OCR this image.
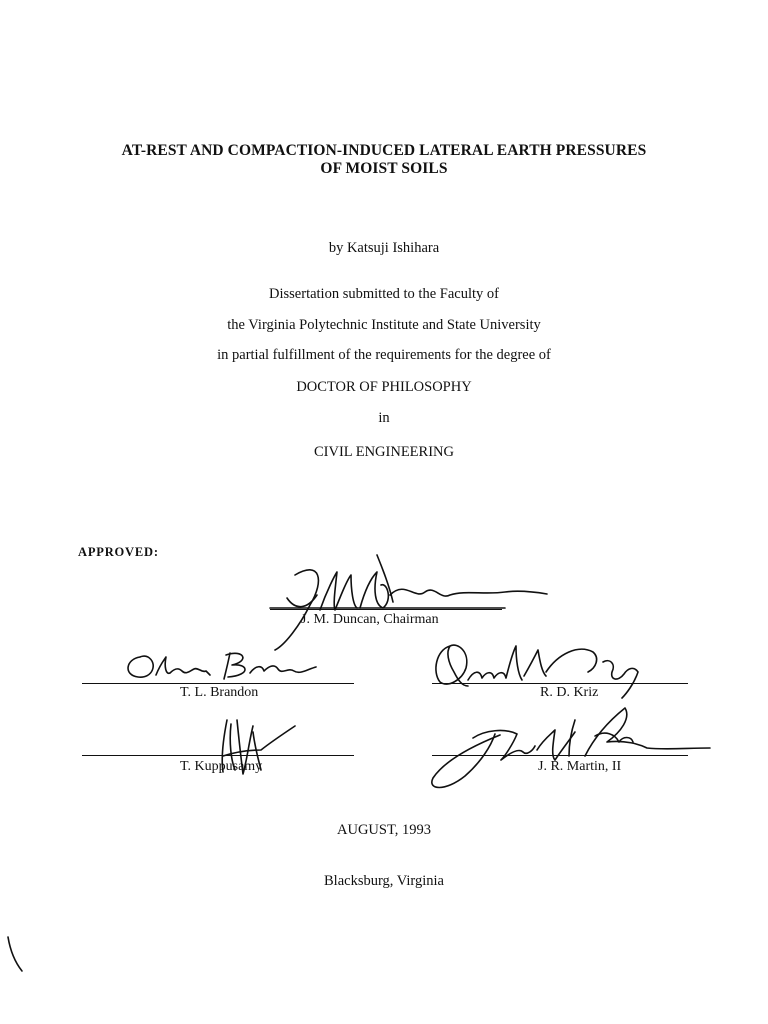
AT-REST AND COMPACTION-INDUCED LATERAL EARTH PRESSURES
OF MOIST SOILS
by Katsuji Ishihara
Dissertation submitted to the Faculty of
the Virginia Polytechnic Institute and State University
in partial fulfillment of the requirements for the degree of
DOCTOR OF PHILOSOPHY
in
CIVIL ENGINEERING
APPROVED:
J. M. Duncan, Chairman
T. L. Brandon	R. D. Kriz
T. Kuppusamy	J. R. Martin, II
AUGUST, 1993
Blacksburg, Virginia
